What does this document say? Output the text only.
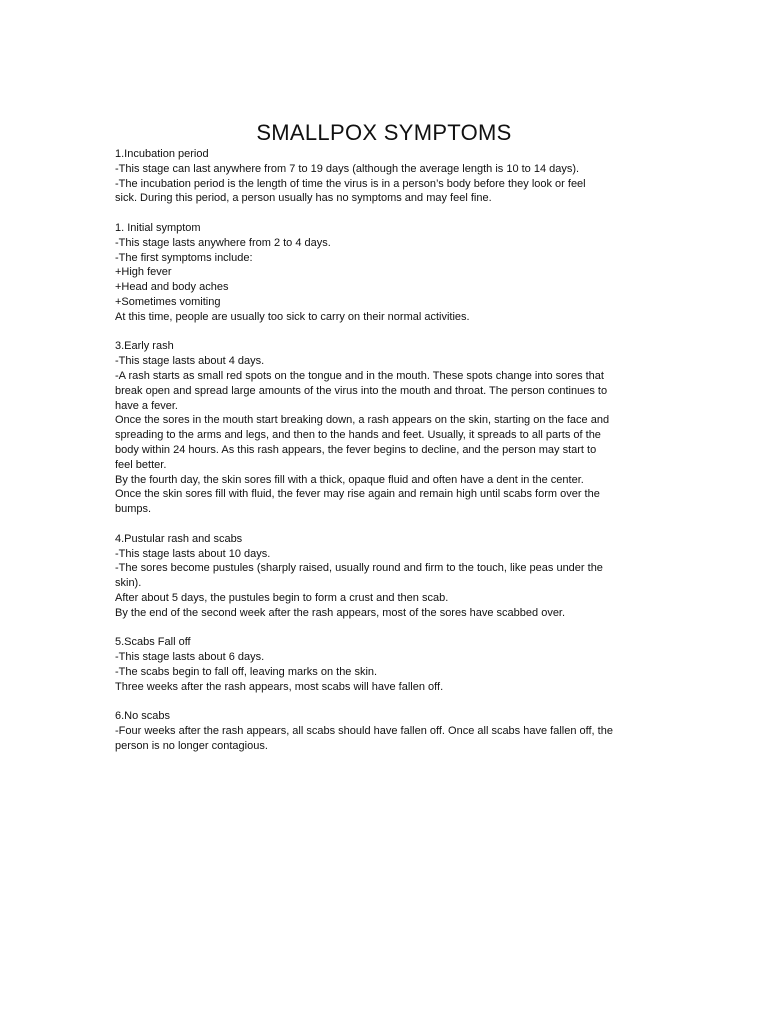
SMALLPOX SYMPTOMS
1.Incubation period
-This stage can last anywhere from 7 to 19 days (although the average length is 10 to 14 days).
-The incubation period is the length of time the virus is in a person’s body before they look or feel
sick. During this period, a person usually has no symptoms and may feel fine.
1. Initial symptom
-This stage lasts anywhere from 2 to 4 days.
-The first symptoms include:
+High fever
+Head and body aches
+Sometimes vomiting
At this time, people are usually too sick to carry on their normal activities.
3.Early rash
-This stage lasts about 4 days.
-A rash starts as small red spots on the tongue and in the mouth. These spots change into sores that
break open and spread large amounts of the virus into the mouth and throat. The person continues to
have a fever.
Once the sores in the mouth start breaking down, a rash appears on the skin, starting on the face and
spreading to the arms and legs, and then to the hands and feet. Usually, it spreads to all parts of the
body within 24 hours. As this rash appears, the fever begins to decline, and the person may start to
feel better.
By the fourth day, the skin sores fill with a thick, opaque fluid and often have a dent in the center.
Once the skin sores fill with fluid, the fever may rise again and remain high until scabs form over the
bumps.
4.Pustular rash and scabs
-This stage lasts about 10 days.
-The sores become pustules (sharply raised, usually round and firm to the touch, like peas under the
skin).
After about 5 days, the pustules begin to form a crust and then scab.
By the end of the second week after the rash appears, most of the sores have scabbed over.
5.Scabs Fall off
-This stage lasts about 6 days.
-The scabs begin to fall off, leaving marks on the skin.
Three weeks after the rash appears, most scabs will have fallen off.
6.No scabs
-Four weeks after the rash appears, all scabs should have fallen off. Once all scabs have fallen off, the
person is no longer contagious.
